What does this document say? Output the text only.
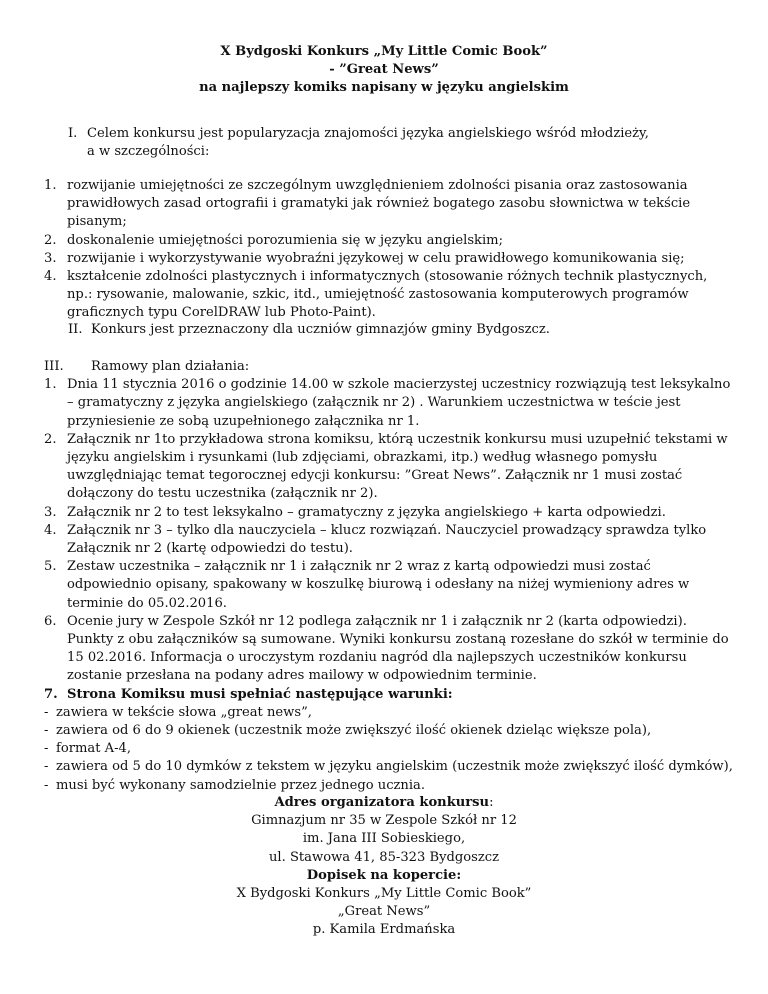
X Bydgoski Konkurs „My Little Comic Book”
- ”Great News”
na najlepszy komiks napisany w języku angielskim
I. Celem konkursu jest popularyzacja znajomości języka angielskiego wśród młodzieży,
a w szczególności:
1. rozwijanie umiejętności ze szczególnym uwzględnieniem zdolności pisania oraz zastosowania prawidłowych zasad ortografii i gramatyki jak również bogatego zasobu słownictwa w tekście pisanym;
2. doskonalenie umiejętności porozumienia się w języku angielskim;
3. rozwijanie i wykorzystywanie wyobraźni językowej w celu prawidłowego komunikowania się;
4. kształcenie zdolności plastycznych i informatycznych (stosowanie różnych technik plastycznych, np.: rysowanie, malowanie, szkic, itd., umiejętność zastosowania komputerowych programów graficznych typu CorelDRAW lub Photo-Paint).
II. Konkurs jest przeznaczony dla uczniów gimnazjów gminy Bydgoszcz.
III. Ramowy plan działania:
1. Dnia 11 stycznia 2016 o godzinie 14.00 w szkole macierzystej uczestnicy rozwiązują test leksykalno – gramatyczny z języka angielskiego (załącznik nr 2) . Warunkiem uczestnictwa w teście jest przyniesienie ze sobą uzupełnionego załącznika nr 1.
2. Załącznik nr 1to przykładowa strona komiksu, którą uczestnik konkursu musi uzupełnić tekstami w języku angielskim i rysunkami (lub zdjęciami, obrazkami, itp.) według własnego pomysłu uwzględniając temat tegorocznej edycji konkursu: ”Great News”. Załącznik nr 1 musi zostać dołączony do testu uczestnika (załącznik nr 2).
3. Załącznik nr 2 to test leksykalno – gramatyczny z języka angielskiego + karta odpowiedzi.
4. Załącznik nr 3 – tylko dla nauczyciela – klucz rozwiązań. Nauczyciel prowadzący sprawdza tylko Załącznik nr 2 (kartę odpowiedzi do testu).
5. Zestaw uczestnika – załącznik nr 1 i załącznik nr 2 wraz z kartą odpowiedzi musi zostać odpowiednio opisany, spakowany w koszulkę biurową i odesłany na niżej wymieniony adres w terminie do 05.02.2016.
6. Ocenie jury w Zespole Szkół nr 12 podlega załącznik nr 1 i załącznik nr 2 (karta odpowiedzi). Punkty z obu załączników są sumowane. Wyniki konkursu zostaną rozesłane do szkół w terminie do 15 02.2016. Informacja o uroczystym rozdaniu nagród dla najlepszych uczestników konkursu zostanie przesłana na podany adres mailowy w odpowiednim terminie.
7. Strona Komiksu musi spełniać następujące warunki:
- zawiera w tekście słowa „great news”,
- zawiera od 6 do 9 okienek (uczestnik może zwiększyć ilość okienek dzieląc większe pola),
- format A-4,
- zawiera od 5 do 10 dymków z tekstem w języku angielskim (uczestnik może zwiększyć ilość dymków),
- musi być wykonany samodzielnie przez jednego ucznia.
Adres organizatora konkursu:
Gimnazjum nr 35 w Zespole Szkół nr 12
im. Jana III Sobieskiego,
ul. Stawowa 41, 85-323 Bydgoszcz
Dopisek na kopercie:
X Bydgoski Konkurs „My Little Comic Book”
„Great News”
p. Kamila Erdmańska
